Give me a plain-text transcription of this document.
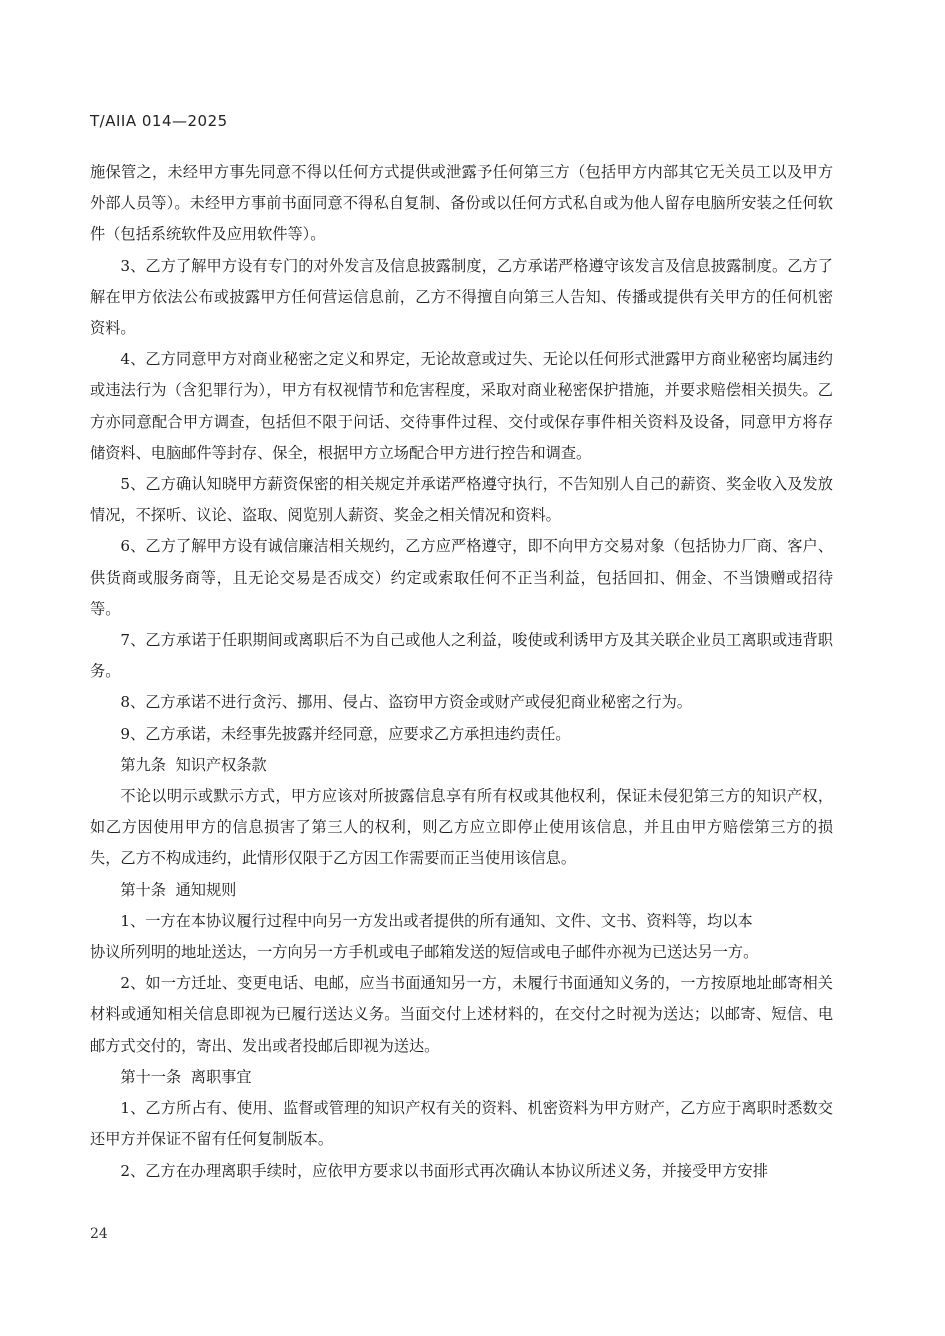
T/AIIA 014—2025

施保管之，未经甲方事先同意不得以任何方式提供或泄露予任何第三方（包括甲方内部其它无关员工以及甲方外部人员等）。未经甲方事前书面同意不得私自复制、备份或以任何方式私自或为他人留存电脑所安装之任何软件（包括系统软件及应用软件等）。

3、乙方了解甲方设有专门的对外发言及信息披露制度，乙方承诺严格遵守该发言及信息披露制度。乙方了解在甲方依法公布或披露甲方任何营运信息前，乙方不得擅自向第三人告知、传播或提供有关甲方的任何机密资料。

4、乙方同意甲方对商业秘密之定义和界定，无论故意或过失、无论以任何形式泄露甲方商业秘密均属违约或违法行为（含犯罪行为），甲方有权视情节和危害程度，采取对商业秘密保护措施，并要求赔偿相关损失。乙方亦同意配合甲方调查，包括但不限于问话、交待事件过程、交付或保存事件相关资料及设备，同意甲方将存储资料、电脑邮件等封存、保全，根据甲方立场配合甲方进行控告和调查。

5、乙方确认知晓甲方薪资保密的相关规定并承诺严格遵守执行，不告知别人自己的薪资、奖金收入及发放情况，不探听、议论、盗取、阅览别人薪资、奖金之相关情况和资料。

6、乙方了解甲方设有诚信廉洁相关规约，乙方应严格遵守，即不向甲方交易对象（包括协力厂商、客户、供货商或服务商等，且无论交易是否成交）约定或索取任何不正当利益，包括回扣、佣金、不当馈赠或招待等。

7、乙方承诺于任职期间或离职后不为自己或他人之利益，唆使或利诱甲方及其关联企业员工离职或违背职务。

8、乙方承诺不进行贪污、挪用、侵占、盗窃甲方资金或财产或侵犯商业秘密之行为。

9、乙方承诺，未经事先披露并经同意，应要求乙方承担违约责任。

第九条  知识产权条款

不论以明示或默示方式，甲方应该对所披露信息享有所有权或其他权利，保证未侵犯第三方的知识产权，如乙方因使用甲方的信息损害了第三人的权利，则乙方应立即停止使用该信息，并且由甲方赔偿第三方的损失，乙方不构成违约，此情形仅限于乙方因工作需要而正当使用该信息。

第十条  通知规则

1、一方在本协议履行过程中向另一方发出或者提供的所有通知、文件、文书、资料等，均以本

协议所列明的地址送达，一方向另一方手机或电子邮箱发送的短信或电子邮件亦视为已送达另一方。

2、如一方迁址、变更电话、电邮，应当书面通知另一方，未履行书面通知义务的，一方按原地址邮寄相关材料或通知相关信息即视为已履行送达义务。当面交付上述材料的，在交付之时视为送达；以邮寄、短信、电邮方式交付的，寄出、发出或者投邮后即视为送达。

第十一条  离职事宜

1、乙方所占有、使用、监督或管理的知识产权有关的资料、机密资料为甲方财产，乙方应于离职时悉数交还甲方并保证不留有任何复制版本。

2、乙方在办理离职手续时，应依甲方要求以书面形式再次确认本协议所述义务，并接受甲方安排

24
